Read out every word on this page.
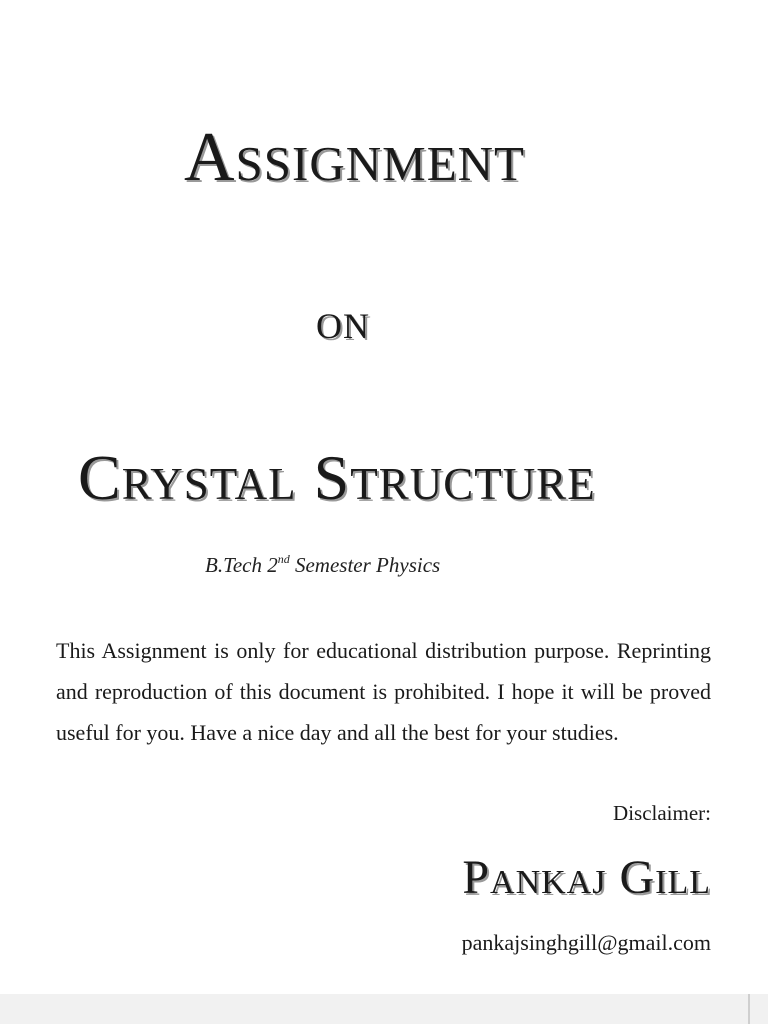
Assignment
on
Crystal Structure
B.Tech 2nd Semester Physics

This Assignment is only for educational distribution purpose. Reprinting and reproduction of this document is prohibited. I hope it will be proved useful for you. Have a nice day and all the best for your studies.

Disclaimer:
Pankaj Gill
pankajsinghgill@gmail.com
